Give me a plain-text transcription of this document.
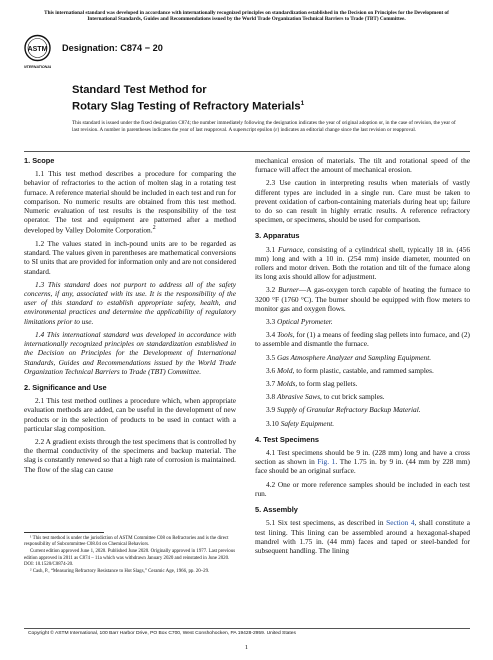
This international standard was developed in accordance with internationally recognized principles on standardization established in the Decision on Principles for the Development of International Standards, Guides and Recommendations issued by the World Trade Organization Technical Barriers to Trade (TBT) Committee.
ASTM
INTERNATIONAL
Designation: C874 − 20
Standard Test Method for
Rotary Slag Testing of Refractory Materials$^1$
This standard is issued under the fixed designation C874; the number immediately following the designation indicates the year of original adoption or, in the case of revision, the year of last revision. A number in parentheses indicates the year of last reapproval. A superscript epsilon (ε) indicates an editorial change since the last revision or reapproval.
1. Scope

1.1 This test method describes a procedure for comparing the behavior of refractories to the action of molten slag in a rotating test furnace. A reference material should be included in each test and run for comparison. No numeric results are obtained from this test method. Numeric evaluation of test results is the responsibility of the test operator. The test and equipment are patterned after a method developed by Valley Dolomite Corporation.$^2$

1.2 The values stated in inch-pound units are to be regarded as standard. The values given in parentheses are mathematical conversions to SI units that are provided for information only and are not considered standard.

1.3 This standard does not purport to address all of the safety concerns, if any, associated with its use. It is the responsibility of the user of this standard to establish appropriate safety, health, and environmental practices and determine the applicability of regulatory limitations prior to use.

1.4 This international standard was developed in accordance with internationally recognized principles on standardization established in the Decision on Principles for the Development of International Standards, Guides and Recommendations issued by the World Trade Organization Technical Barriers to Trade (TBT) Committee.

2. Significance and Use

2.1 This test method outlines a procedure which, when appropriate evaluation methods are added, can be useful in the development of new products or in the selection of products to be used in contact with a particular slag composition.

2.2 A gradient exists through the test specimens that is controlled by the thermal conductivity of the specimens and backup material. The slag is constantly renewed so that a high rate of corrosion is maintained. The flow of the slag can cause

mechanical erosion of materials. The tilt and rotational speed of the furnace will affect the amount of mechanical erosion.

2.3 Use caution in interpreting results when materials of vastly different types are included in a single run. Care must be taken to prevent oxidation of carbon-containing materials during heat up; failure to do so can result in highly erratic results. A reference refractory specimen, or specimens, should be used for comparison.

3. Apparatus

3.1 Furnace, consisting of a cylindrical shell, typically 18 in. (456 mm) long and with a 10 in. (254 mm) inside diameter, mounted on rollers and motor driven. Both the rotation and tilt of the furnace along its long axis should allow for adjustment.

3.2 Burner—A gas-oxygen torch capable of heating the furnace to 3200 °F (1760 °C). The burner should be equipped with flow meters to monitor gas and oxygen flows.

3.3 Optical Pyrometer.

3.4 Tools, for (1) a means of feeding slag pellets into furnace, and (2) to assemble and dismantle the furnace.

3.5 Gas Atmosphere Analyzer and Sampling Equipment.

3.6 Mold, to form plastic, castable, and rammed samples.

3.7 Molds, to form slag pellets.

3.8 Abrasive Saws, to cut brick samples.

3.9 Supply of Granular Refractory Backup Material.

3.10 Safety Equipment.

4. Test Specimens

4.1 Test specimens should be 9 in. (228 mm) long and have a cross section as shown in Fig. 1. The 1.75 in. by 9 in. (44 mm by 228 mm) face should be an original surface.

4.2 One or more reference samples should be included in each test run.

5. Assembly

5.1 Six test specimens, as described in Section 4, shall constitute a test lining. This lining can be assembled around a hexagonal-shaped mandrel with 1.75 in. (44 mm) faces and taped or steel-banded for subsequent handling. The lining

¹ This test method is under the jurisdiction of ASTM Committee C08 on Refractories and is the direct responsibility of Subcommittee C08.04 on Chemical Behaviors.

Current edition approved June 1, 2020. Published June 2020. Originally approved in 1977. Last previous edition approved in 2011 as C874 – 11a which was withdrawn January 2020 and reinstated in June 2020. DOI: 10.1520/C0874-20.

² Cash, P., “Measuring Refractory Resistance to Hot Slags,” Ceramic Age, 1966, pp. 20–29.

Copyright © ASTM International, 100 Barr Harbor Drive, PO Box C700, West Conshohocken, PA 19428-2959. United States
1
